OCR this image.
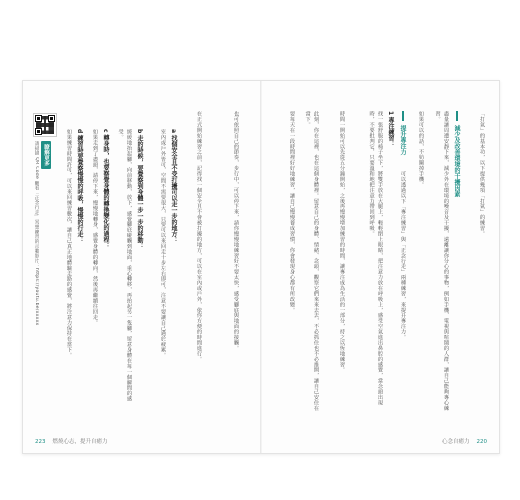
也可依照自己的節奏，步行中，可以停下來，請你慢慢地練習好不要太快，感受腳底與地面的接觸。

在正式開始練習之前，記得找一個安全且不會被打擾的地方，可以在室內或戶外，依你方便的時間進行。

a 找個安全且不受打擾可以走一步的地方：

室內或戶外皆可，空間不需要很大，只要可以來回走十步左右即可，注意不要讓自己過於疲累。

b 走的時候，要覺察到身體一步一步的移動：

緩緩地抬起腳，向前移動，放下，感覺腳底碰觸到地面，重心轉移，再抬起另一隻腳，留意身體在每一個瞬間的感受。

c 轉身時，也要察覺身體的轉換變化的過程：

如果走到了盡頭，請停下來，慢慢地轉身，感覺身體的轉向，然後再繼續往回走。

d 練習時要覺察慢慢的呼吸，慢慢的行走：

如果練習時間許可，可以來回練習數次，讓自己真正地體驗走路的感覺，將注意力保持在當下。

瞭解更多

請掃描 QR Code 觀看「正念行走」冥想練習的示範影片：https://youtu.be/xxxxx

223 燃燒心志，提升自癒力

「打氣」的基本功，以下提供幾項「打氣」的練習。

減少及改善環境的干擾因素

盡量讓周遭安靜下來，減少外在環境的噪音及干擾，遠離讓你分心的事物，例如手機、電視與喧鬧的人群，讓自己能夠專心練習。

如果可以的話，不妨關掉手機。

提升專注力

可以透過以下「專注練習」與「正念行走」兩種練習，來提升專注力。

1 專注練習：

找一張舒服的椅子坐下，將雙手放在大腿上，輕輕閉上眼睛，把注意力放在呼吸上，感受空氣進出鼻腔的感覺，當念頭出現時，不要批判它，只要溫和地把注意力帶回到呼吸。

時間一開始可以先從五分鐘開始，之後再慢慢增加練習的時間，讓專注成為生活的一部分，持之以恆地練習。

此刻，你在這裡，也在這個身體裡。留意自己的身體、情緒、念頭，觀察它們來來去去，不必抓住也不必推開，讓自己安住在當下。

要每天在一段時間裡好好地練習，讓自己慢慢養成習慣，你會發現身心都有所改變。

心念自癒力 220
